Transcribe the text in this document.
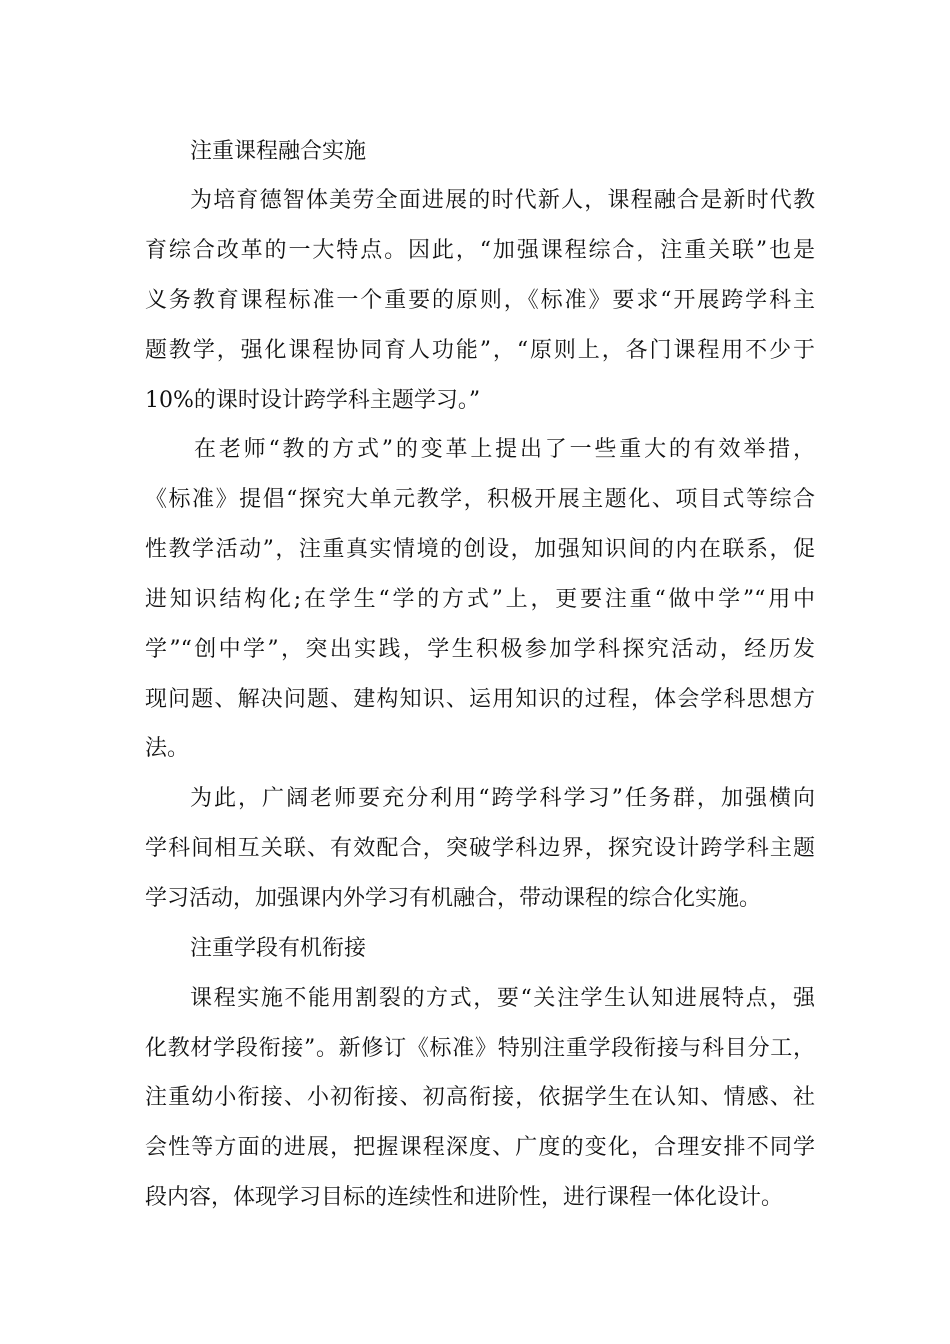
注重课程融合实施

为培育德智体美劳全面进展的时代新人，课程融合是新时代教

育综合改革的一大特点。因此，“加强课程综合，注重关联”也是

义务教育课程标准一个重要的原则，《标准》要求“开展跨学科主

题教学，强化课程协同育人功能”，“原则上，各门课程用不少于

10%的课时设计跨学科主题学习。”

在老师“教的方式”的变革上提出了一些重大的有效举措，

《标准》提倡“探究大单元教学，积极开展主题化、项目式等综合

性教学活动”，注重真实情境的创设，加强知识间的内在联系，促

进知识结构化;在学生“学的方式”上，更要注重“做中学”“用中

学”“创中学”，突出实践，学生积极参加学科探究活动，经历发

现问题、解决问题、建构知识、运用知识的过程，体会学科思想方

法。

为此，广阔老师要充分利用“跨学科学习”任务群，加强横向

学科间相互关联、有效配合，突破学科边界，探究设计跨学科主题

学习活动，加强课内外学习有机融合，带动课程的综合化实施。

注重学段有机衔接

课程实施不能用割裂的方式，要“关注学生认知进展特点，强

化教材学段衔接”。新修订《标准》特别注重学段衔接与科目分工，

注重幼小衔接、小初衔接、初高衔接，依据学生在认知、情感、社

会性等方面的进展，把握课程深度、广度的变化，合理安排不同学

段内容，体现学习目标的连续性和进阶性，进行课程一体化设计。
